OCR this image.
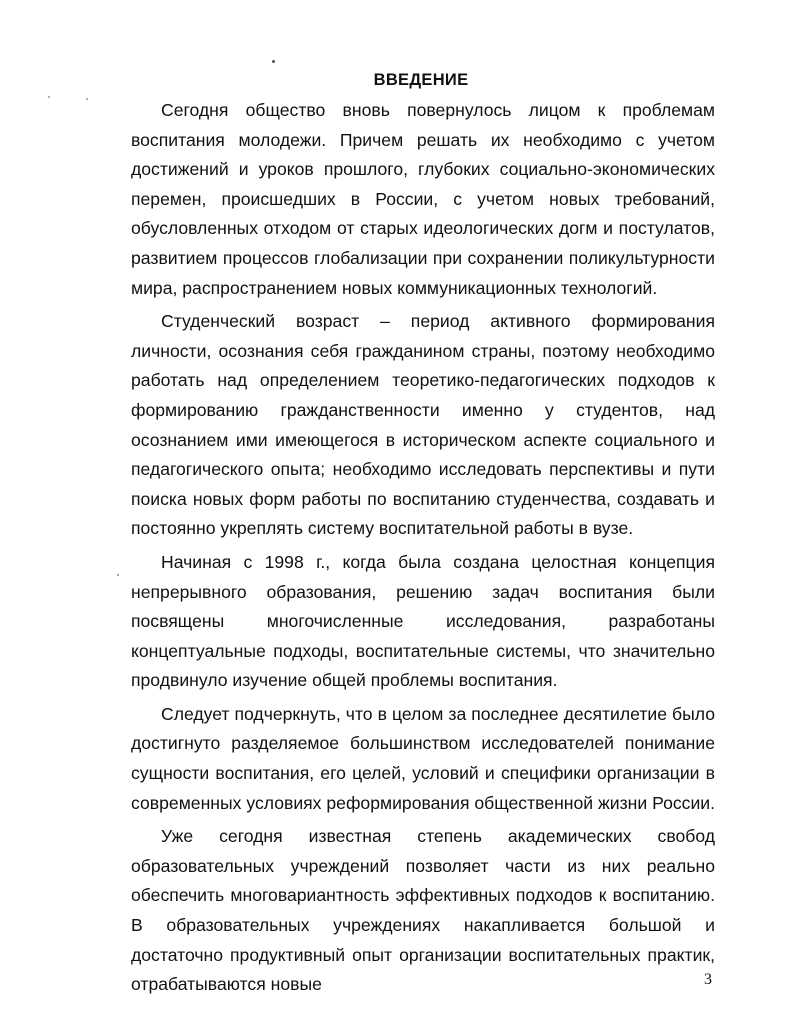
ВВЕДЕНИЕ

Сегодня общество вновь повернулось лицом к проблемам воспитания молодежи. Причем решать их необходимо с учетом достижений и уроков прошлого, глубоких социально-экономических перемен, происшедших в России, с учетом новых требований, обусловленных отходом от старых идеологических догм и постулатов, развитием процессов глобализации при сохранении поликультурности мира, распространением новых коммуникационных технологий.

Студенческий возраст – период активного формирования личности, осознания себя гражданином страны, поэтому необходимо работать над определением теоретико-педагогических подходов к формированию гражданственности именно у студентов, над осознанием ими имеющегося в историческом аспекте социального и педагогического опыта; необходимо исследовать перспективы и пути поиска новых форм работы по воспитанию студенчества, создавать и постоянно укреплять систему воспитательной работы в вузе.

Начиная с 1998 г., когда была создана целостная концепция непрерывного образования, решению задач воспитания были посвящены многочисленные исследования, разработаны концептуальные подходы, воспитательные системы, что значительно продвинуло изучение общей проблемы воспитания.

Следует подчеркнуть, что в целом за последнее десятилетие было достигнуто разделяемое большинством исследователей понимание сущности воспитания, его целей, условий и специфики организации в современных условиях реформирования общественной жизни России.

Уже сегодня известная степень академических свобод образовательных учреждений позволяет части из них реально обеспечить многовариантность эффективных подходов к воспитанию. В образовательных учреждениях накапливается большой и достаточно продуктивный опыт организации воспитательных практик, отрабатываются новые	3
